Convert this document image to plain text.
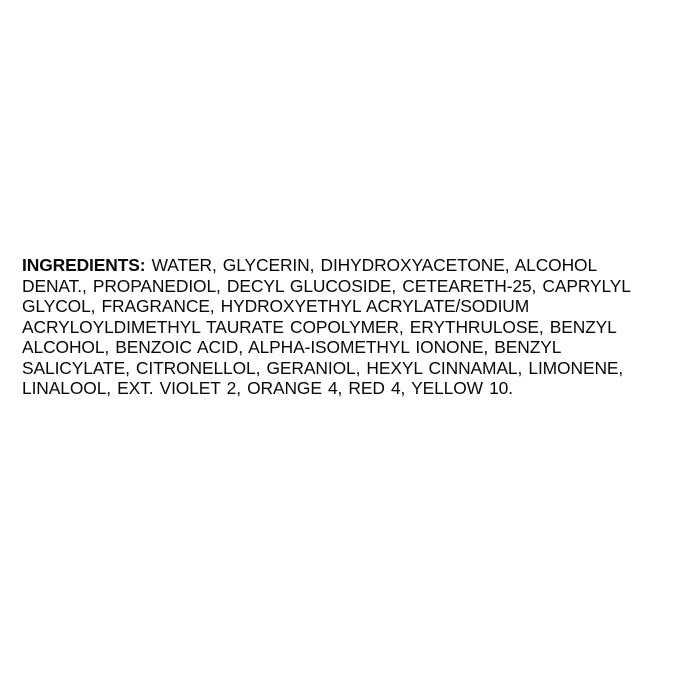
INGREDIENTS: WATER, GLYCERIN, DIHYDROXYACETONE, ALCOHOL DENAT., PROPANEDIOL, DECYL GLUCOSIDE, CETEARETH-25, CAPRYLYL GLYCOL, FRAGRANCE, HYDROXYETHYL ACRYLATE/SODIUM ACRYLOYLDIMETHYL TAURATE COPOLYMER, ERYTHRULOSE, BENZYL ALCOHOL, BENZOIC ACID, ALPHA-ISOMETHYL IONONE, BENZYL SALICYLATE, CITRONELLOL, GERANIOL, HEXYL CINNAMAL, LIMONENE, LINALOOL, EXT. VIOLET 2, ORANGE 4, RED 4, YELLOW 10.
